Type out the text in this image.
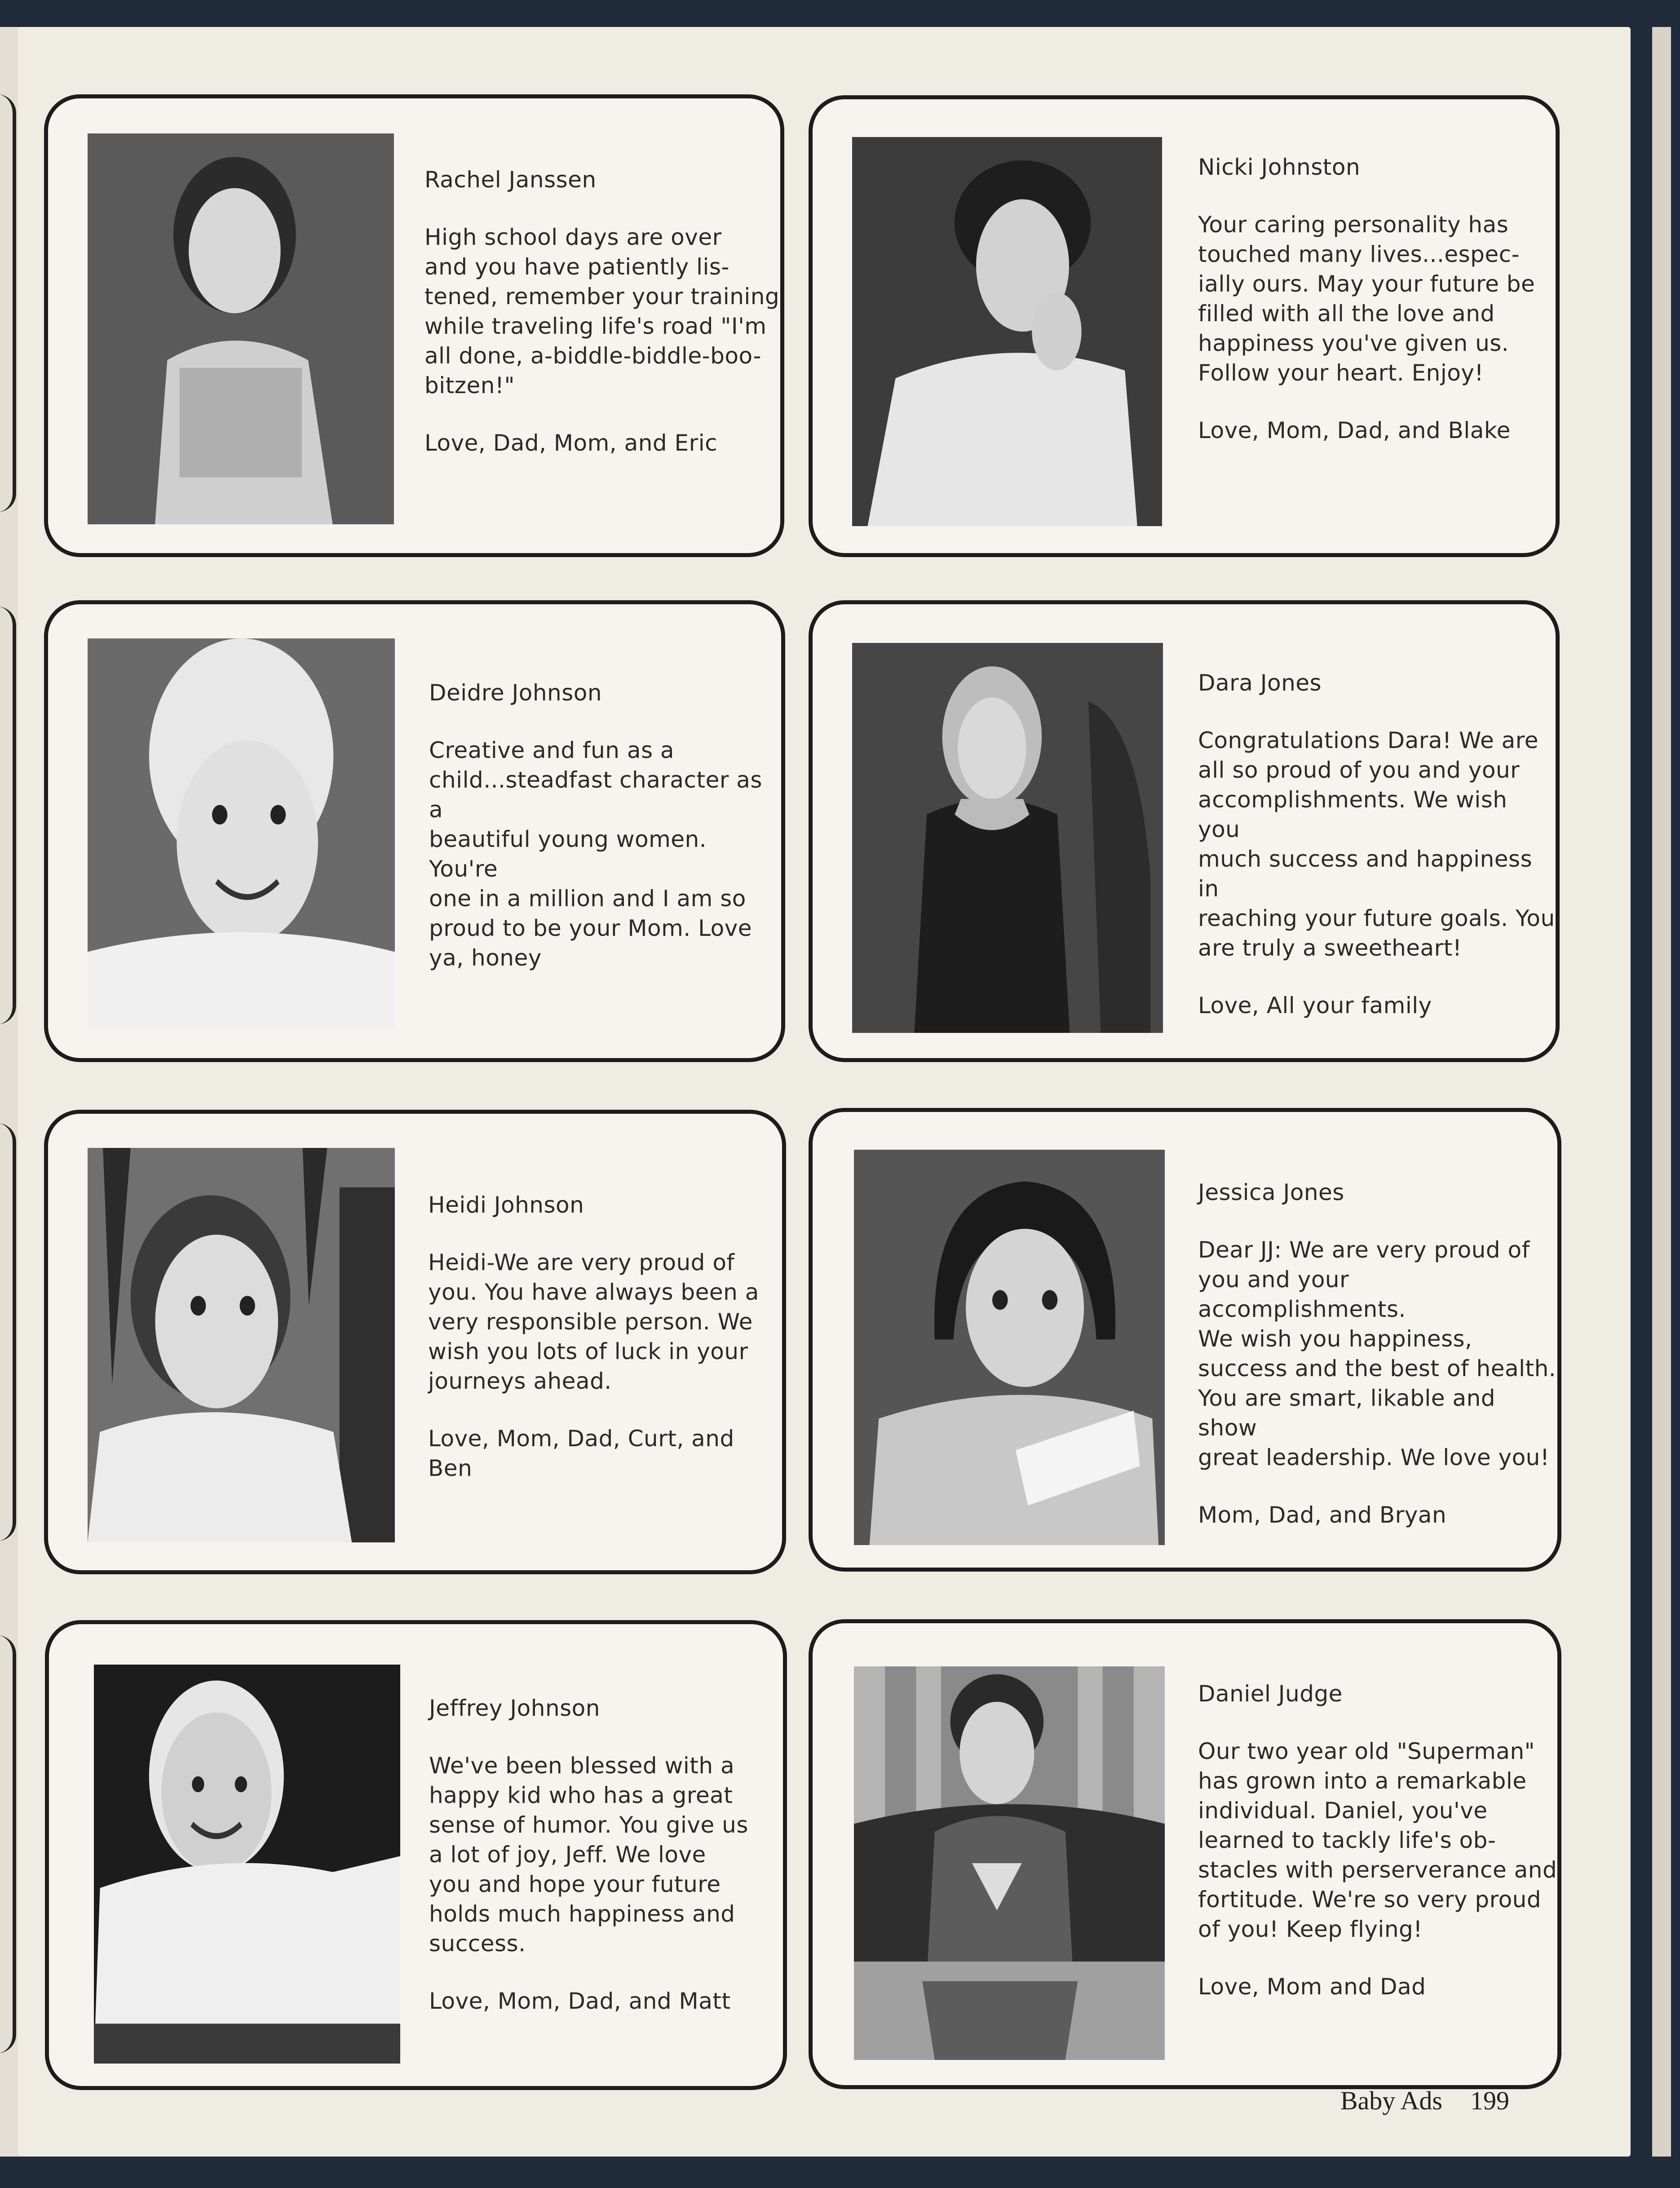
Rachel Janssen
High school days are over
and you have patiently lis-
tened, remember your training
while traveling life's road "I'm
all done, a-biddle-biddle-boo-
bitzen!"
Love, Dad, Mom, and Eric
Nicki Johnston
Your caring personality has
touched many lives...espec-
ially ours. May your future be
filled with all the love and
happiness you've given us.
Follow your heart. Enjoy!
Love, Mom, Dad, and Blake
Deidre Johnson
Creative and fun as a
child...steadfast character as a
beautiful young women. You're
one in a million and I am so
proud to be your Mom. Love
ya, honey
Dara Jones
Congratulations Dara! We are
all so proud of you and your
accomplishments. We wish you
much success and happiness in
reaching your future goals. You
are truly a sweetheart!
Love, All your family
Heidi Johnson
Heidi-We are very proud of
you. You have always been a
very responsible person. We
wish you lots of luck in your
journeys ahead.
Love, Mom, Dad, Curt, and
Ben
Jessica Jones
Dear JJ: We are very proud of
you and your accomplishments.
We wish you happiness,
success and the best of health.
You are smart, likable and show
great leadership. We love you!
Mom, Dad, and Bryan
Jeffrey Johnson
We've been blessed with a
happy kid who has a great
sense of humor. You give us
a lot of joy, Jeff. We love
you and hope your future
holds much happiness and
success.
Love, Mom, Dad, and Matt
Daniel Judge
Our two year old "Superman"
has grown into a remarkable
individual. Daniel, you've
learned to tackly life's ob-
stacles with perserverance and
fortitude. We're so very proud
of you! Keep flying!
Love, Mom and Dad
Baby Ads 199
